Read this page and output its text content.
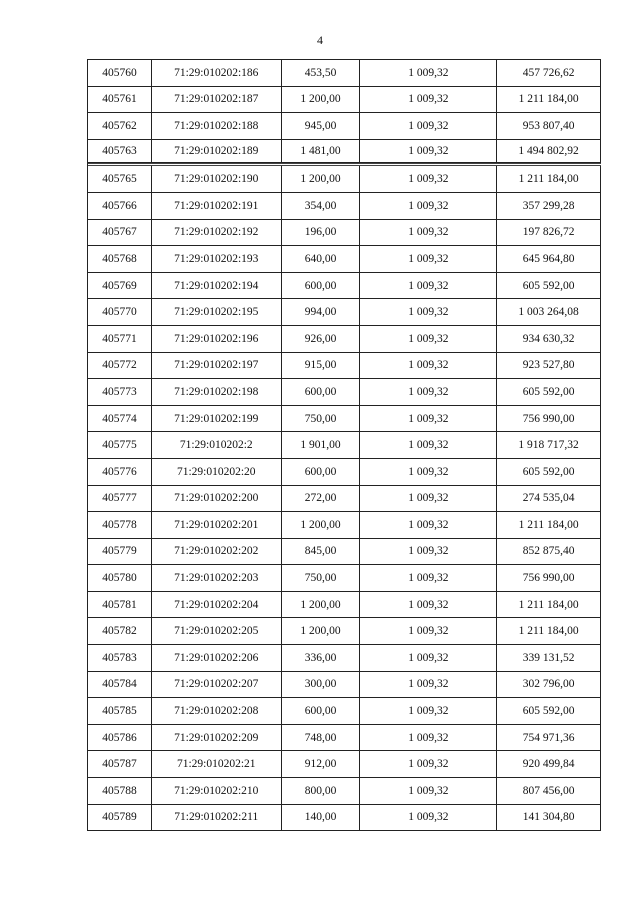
4
405760	71:29:010202:186	453,50	1 009,32	457 726,62
405761	71:29:010202:187	1 200,00	1 009,32	1 211 184,00
405762	71:29:010202:188	945,00	1 009,32	953 807,40
405763	71:29:010202:189	1 481,00	1 009,32	1 494 802,92
405765	71:29:010202:190	1 200,00	1 009,32	1 211 184,00
405766	71:29:010202:191	354,00	1 009,32	357 299,28
405767	71:29:010202:192	196,00	1 009,32	197 826,72
405768	71:29:010202:193	640,00	1 009,32	645 964,80
405769	71:29:010202:194	600,00	1 009,32	605 592,00
405770	71:29:010202:195	994,00	1 009,32	1 003 264,08
405771	71:29:010202:196	926,00	1 009,32	934 630,32
405772	71:29:010202:197	915,00	1 009,32	923 527,80
405773	71:29:010202:198	600,00	1 009,32	605 592,00
405774	71:29:010202:199	750,00	1 009,32	756 990,00
405775	71:29:010202:2	1 901,00	1 009,32	1 918 717,32
405776	71:29:010202:20	600,00	1 009,32	605 592,00
405777	71:29:010202:200	272,00	1 009,32	274 535,04
405778	71:29:010202:201	1 200,00	1 009,32	1 211 184,00
405779	71:29:010202:202	845,00	1 009,32	852 875,40
405780	71:29:010202:203	750,00	1 009,32	756 990,00
405781	71:29:010202:204	1 200,00	1 009,32	1 211 184,00
405782	71:29:010202:205	1 200,00	1 009,32	1 211 184,00
405783	71:29:010202:206	336,00	1 009,32	339 131,52
405784	71:29:010202:207	300,00	1 009,32	302 796,00
405785	71:29:010202:208	600,00	1 009,32	605 592,00
405786	71:29:010202:209	748,00	1 009,32	754 971,36
405787	71:29:010202:21	912,00	1 009,32	920 499,84
405788	71:29:010202:210	800,00	1 009,32	807 456,00
405789	71:29:010202:211	140,00	1 009,32	141 304,80
